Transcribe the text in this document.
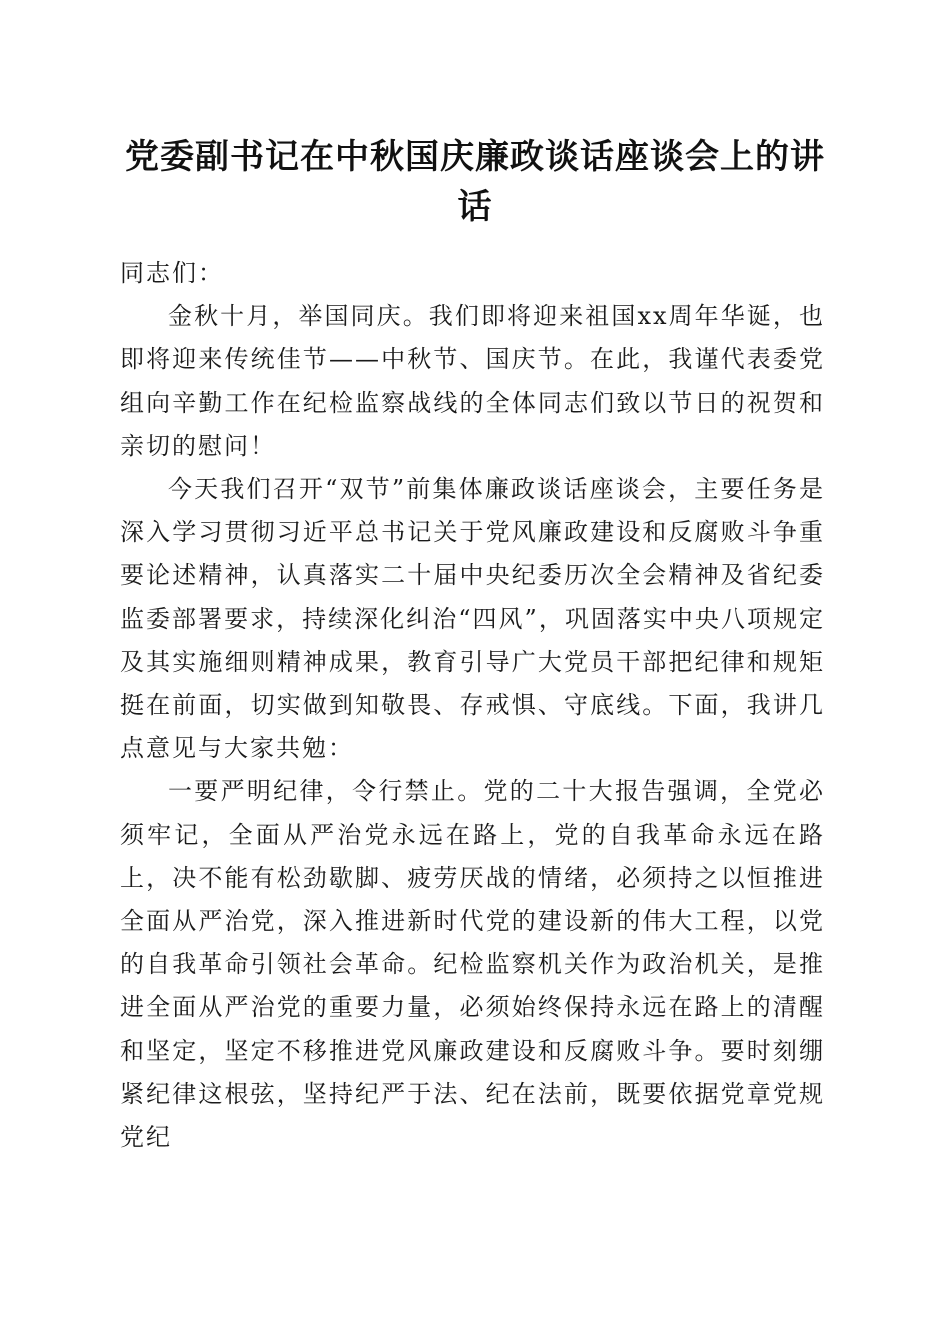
党委副书记在中秋国庆廉政谈话座谈会上的讲话

同志们：

金秋十月，举国同庆。我们即将迎来祖国xx周年华诞，也即将迎来传统佳节——中秋节、国庆节。在此，我谨代表委党组向辛勤工作在纪检监察战线的全体同志们致以节日的祝贺和亲切的慰问！

今天我们召开“双节”前集体廉政谈话座谈会，主要任务是深入学习贯彻习近平总书记关于党风廉政建设和反腐败斗争重要论述精神，认真落实二十届中央纪委历次全会精神及省纪委监委部署要求，持续深化纠治“四风”，巩固落实中央八项规定及其实施细则精神成果，教育引导广大党员干部把纪律和规矩挺在前面，切实做到知敬畏、存戒惧、守底线。下面，我讲几点意见与大家共勉：

一要严明纪律，令行禁止。党的二十大报告强调，全党必须牢记，全面从严治党永远在路上，党的自我革命永远在路上，决不能有松劲歇脚、疲劳厌战的情绪，必须持之以恒推进全面从严治党，深入推进新时代党的建设新的伟大工程，以党的自我革命引领社会革命。纪检监察机关作为政治机关，是推进全面从严治党的重要力量，必须始终保持永远在路上的清醒和坚定，坚定不移推进党风廉政建设和反腐败斗争。要时刻绷紧纪律这根弦，坚持纪严于法、纪在法前，既要依据党章党规党纪
